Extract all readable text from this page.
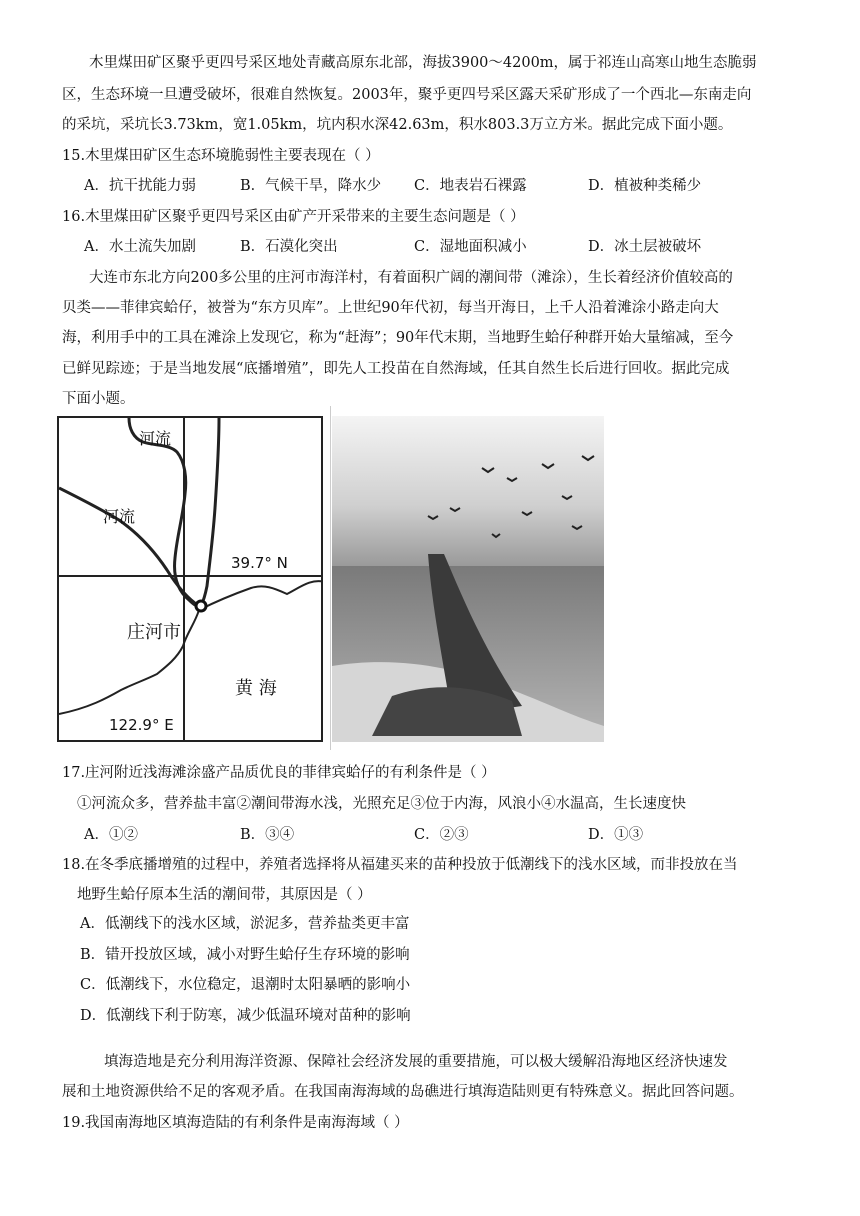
木里煤田矿区聚乎更四号采区地处青藏高原东北部，海拔3900～4200m，属于祁连山高寒山地生态脆弱
区，生态环境一旦遭受破坏，很难自然恢复。2003年，聚乎更四号采区露天采矿形成了一个西北—东南走向
的采坑，采坑长3.73km，宽1.05km，坑内积水深42.63m，积水803.3万立方米。据此完成下面小题。
15.木里煤田矿区生态环境脆弱性主要表现在（ ）
A．抗干扰能力弱	B．气候干旱，降水少 C．地表岩石裸露	D．植被种类稀少
16.木里煤田矿区聚乎更四号采区由矿产开采带来的主要生态问题是（ ）
A．水土流失加剧	B．石漠化突出	C．湿地面积减小	D．冰土层被破坏
大连市东北方向200多公里的庄河市海洋村，有着面积广阔的潮间带（滩涂），生长着经济价值较高的
贝类——菲律宾蛤仔，被誉为“东方贝库”。上世纪90年代初，每当开海日，上千人沿着滩涂小路走向大
海，利用手中的工具在滩涂上发现它，称为“赶海”；90年代末期，当地野生蛤仔种群开始大量缩减，至今
已鲜见踪迹；于是当地发展“底播增殖”，即先人工投苗在自然海域，任其自然生长后进行回收。据此完成
下面小题。
河流
河流
39.7° N
庄河市
黄 海
122.9° E
17.庄河附近浅海滩涂盛产品质优良的菲律宾蛤仔的有利条件是（ ）
①河流众多，营养盐丰富②潮间带海水浅，光照充足③位于内海，风浪小④水温高，生长速度快
A．①②	B．③④	C．②③	D．①③
18.在冬季底播增殖的过程中，养殖者选择将从福建买来的苗种投放于低潮线下的浅水区域，而非投放在当
地野生蛤仔原本生活的潮间带，其原因是（ ）
A．低潮线下的浅水区域，淤泥多，营养盐类更丰富
B．错开投放区域，减小对野生蛤仔生存环境的影响
C．低潮线下，水位稳定，退潮时太阳暴晒的影响小
D．低潮线下利于防寒，减少低温环境对苗种的影响
填海造地是充分利用海洋资源、保障社会经济发展的重要措施，可以极大缓解沿海地区经济快速发
展和土地资源供给不足的客观矛盾。在我国南海海域的岛礁进行填海造陆则更有特殊意义。据此回答问题。
19.我国南海地区填海造陆的有利条件是南海海域（ ）
